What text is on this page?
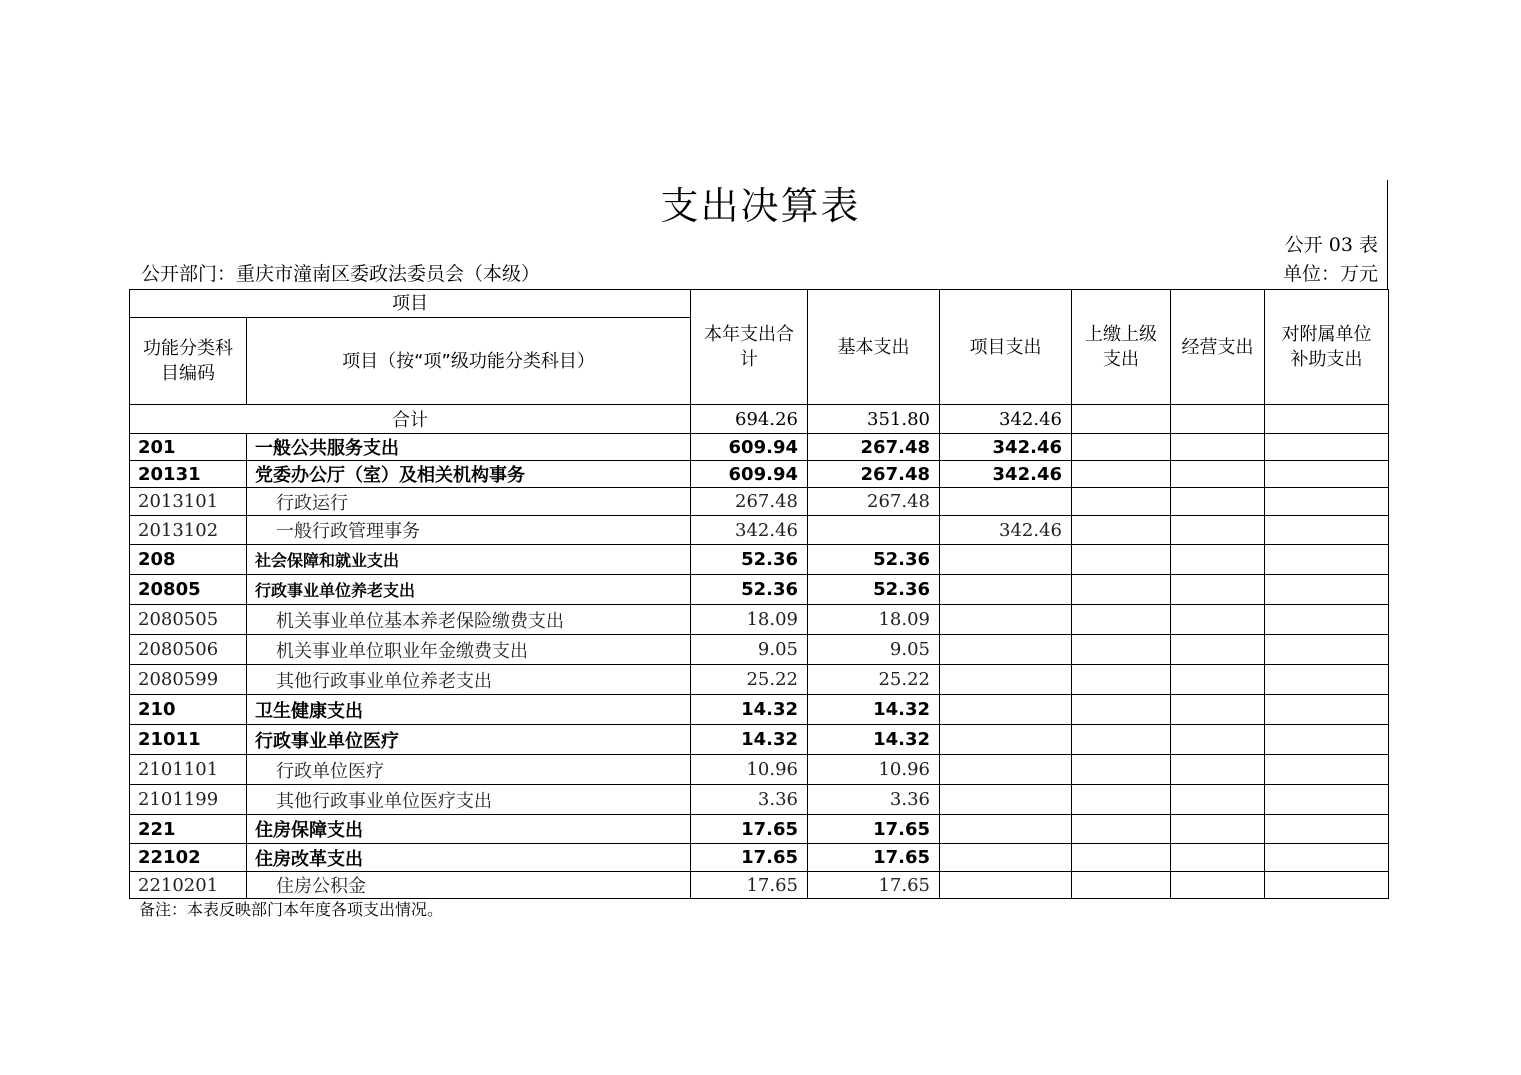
支出决算表
公开 03 表
公开部门：重庆市潼南区委政法委员会（本级）	单位：万元
项目		本年支出合计	基本支出	项目支出	上缴上级支出	经营支出	对附属单位补助支出
功能分类科目编码	项目（按“项”级功能分类科目）						
合计		694.26	351.80	342.46			
201	一般公共服务支出	609.94	267.48	342.46			
20131	党委办公厅（室）及相关机构事务	609.94	267.48	342.46			
2013101	行政运行	267.48	267.48				
2013102	一般行政管理事务	342.46		342.46			
208	社会保障和就业支出	52.36	52.36				
20805	行政事业单位养老支出	52.36	52.36				
2080505	机关事业单位基本养老保险缴费支出	18.09	18.09				
2080506	机关事业单位职业年金缴费支出	9.05	9.05				
2080599	其他行政事业单位养老支出	25.22	25.22				
210	卫生健康支出	14.32	14.32				
21011	行政事业单位医疗	14.32	14.32				
2101101	行政单位医疗	10.96	10.96				
2101199	其他行政事业单位医疗支出	3.36	3.36				
221	住房保障支出	17.65	17.65				
22102	住房改革支出	17.65	17.65				
2210201	住房公积金	17.65	17.65				
备注：本表反映部门本年度各项支出情况。
